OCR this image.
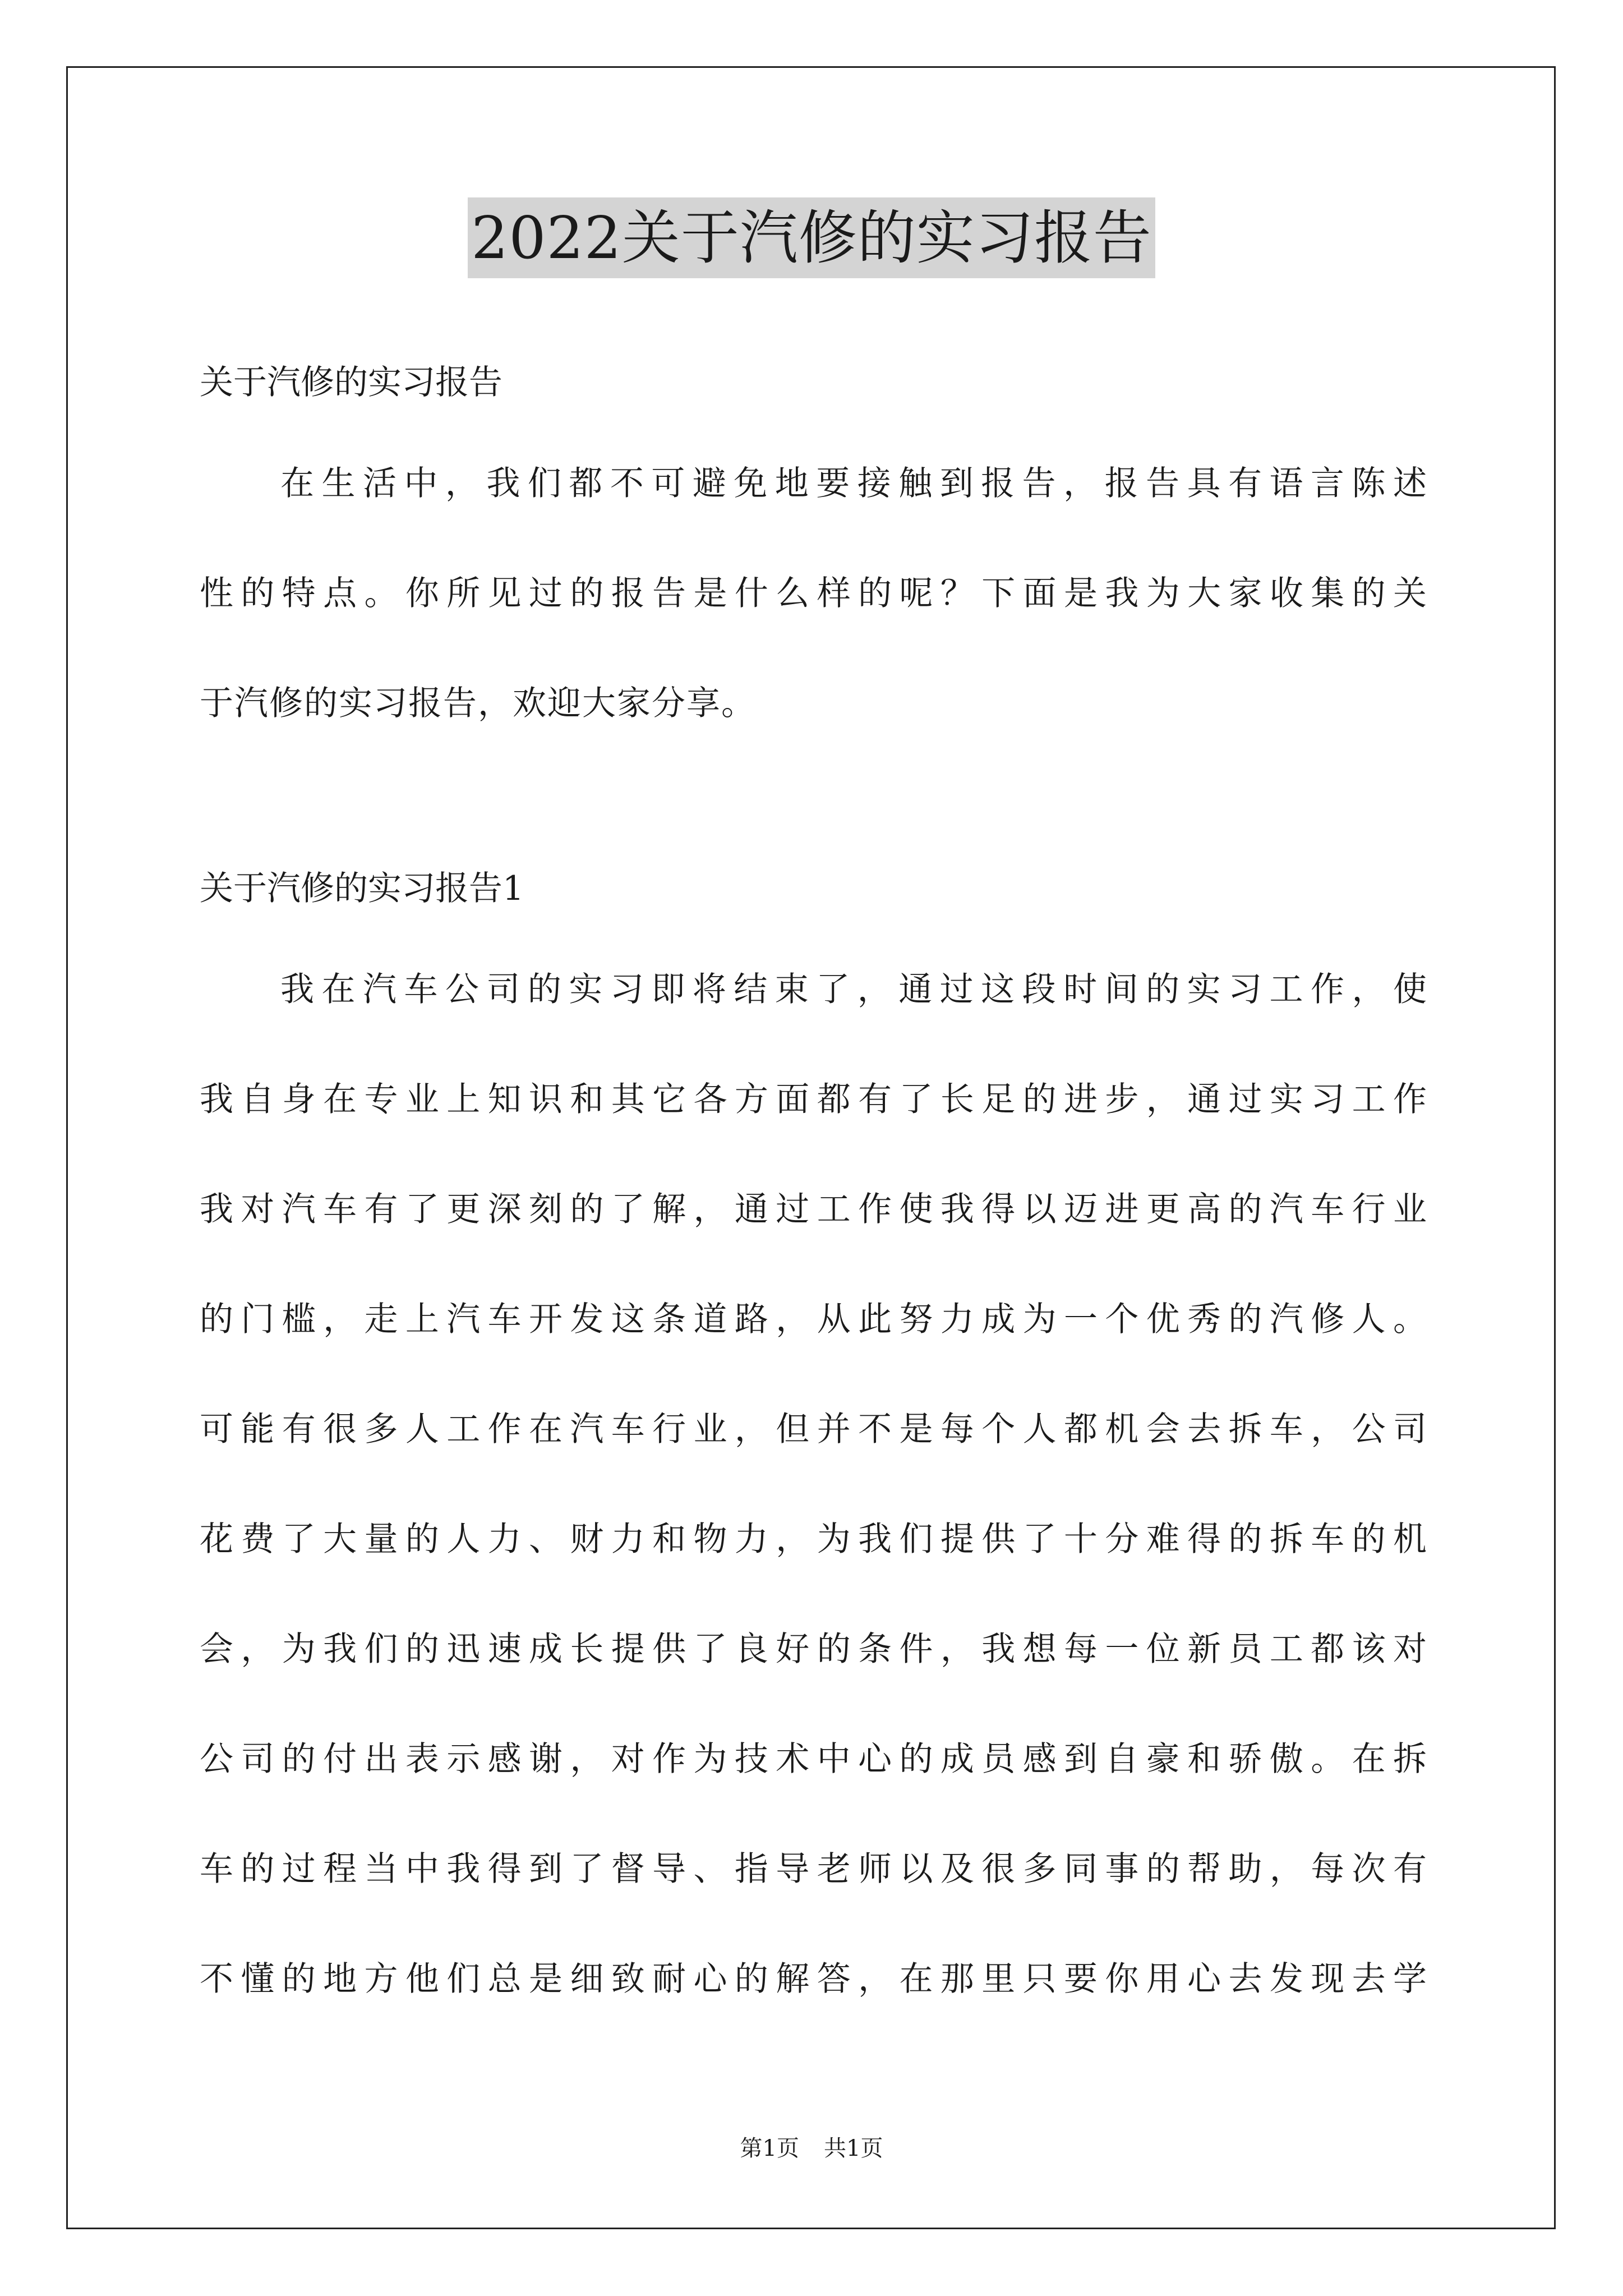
2022关于汽修的实习报告
关于汽修的实习报告
在生活中，我们都不可避免地要接触到报告，报告具有语言陈述
性的特点。你所见过的报告是什么样的呢？下面是我为大家收集的关
于汽修的实习报告，欢迎大家分享。
关于汽修的实习报告1
我在汽车公司的实习即将结束了，通过这段时间的实习工作，使
我自身在专业上知识和其它各方面都有了长足的进步，通过实习工作
我对汽车有了更深刻的了解，通过工作使我得以迈进更高的汽车行业
的门槛，走上汽车开发这条道路，从此努力成为一个优秀的汽修人。
可能有很多人工作在汽车行业，但并不是每个人都机会去拆车，公司
花费了大量的人力、财力和物力，为我们提供了十分难得的拆车的机
会，为我们的迅速成长提供了良好的条件，我想每一位新员工都该对
公司的付出表示感谢，对作为技术中心的成员感到自豪和骄傲。在拆
车的过程当中我得到了督导、指导老师以及很多同事的帮助，每次有
不懂的地方他们总是细致耐心的解答，在那里只要你用心去发现去学
第1页 共1页
